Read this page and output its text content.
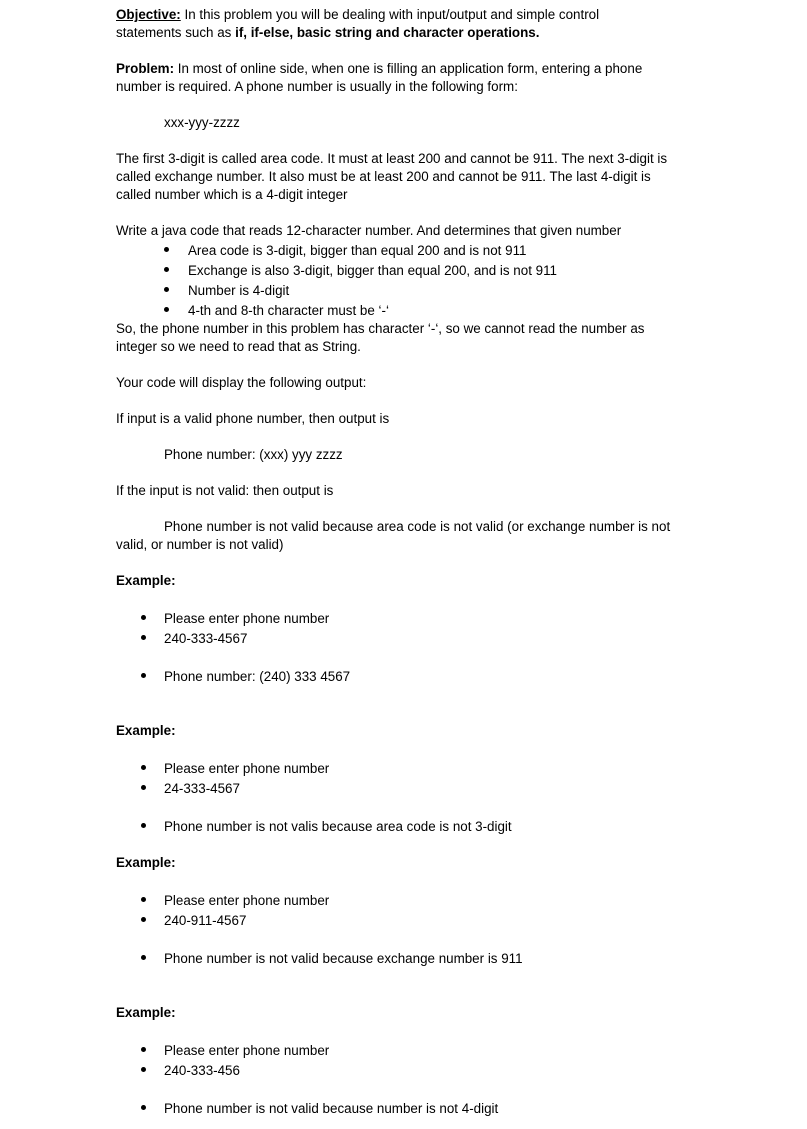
Objective: In this problem you will be dealing with input/output and simple control
statements such as if, if-else, basic string and character operations.
Problem: In most of online side, when one is filling an application form, entering a phone
number is required. A phone number is usually in the following form:
xxx-yyy-zzzz
The first 3-digit is called area code. It must at least 200 and cannot be 911. The next 3-digit is
called exchange number. It also must be at least 200 and cannot be 911. The last 4-digit is
called number which is a 4-digit integer
Write a java code that reads 12-character number. And determines that given number
Area code is 3-digit, bigger than equal 200 and is not 911
Exchange is also 3-digit, bigger than equal 200, and is not 911
Number is 4-digit
4-th and 8-th character must be ‘-‘
So, the phone number in this problem has character ‘-‘, so we cannot read the number as
integer so we need to read that as String.
Your code will display the following output:
If input is a valid phone number, then output is
Phone number: (xxx) yyy zzzz
If the input is not valid: then output is
Phone number is not valid because area code is not valid (or exchange number is not
valid, or number is not valid)
Example:
Please enter phone number
240-333-4567
Phone number: (240) 333 4567
Example:
Please enter phone number
24-333-4567
Phone number is not valis because area code is not 3-digit
Example:
Please enter phone number
240-911-4567
Phone number is not valid because exchange number is 911
Example:
Please enter phone number
240-333-456
Phone number is not valid because number is not 4-digit
